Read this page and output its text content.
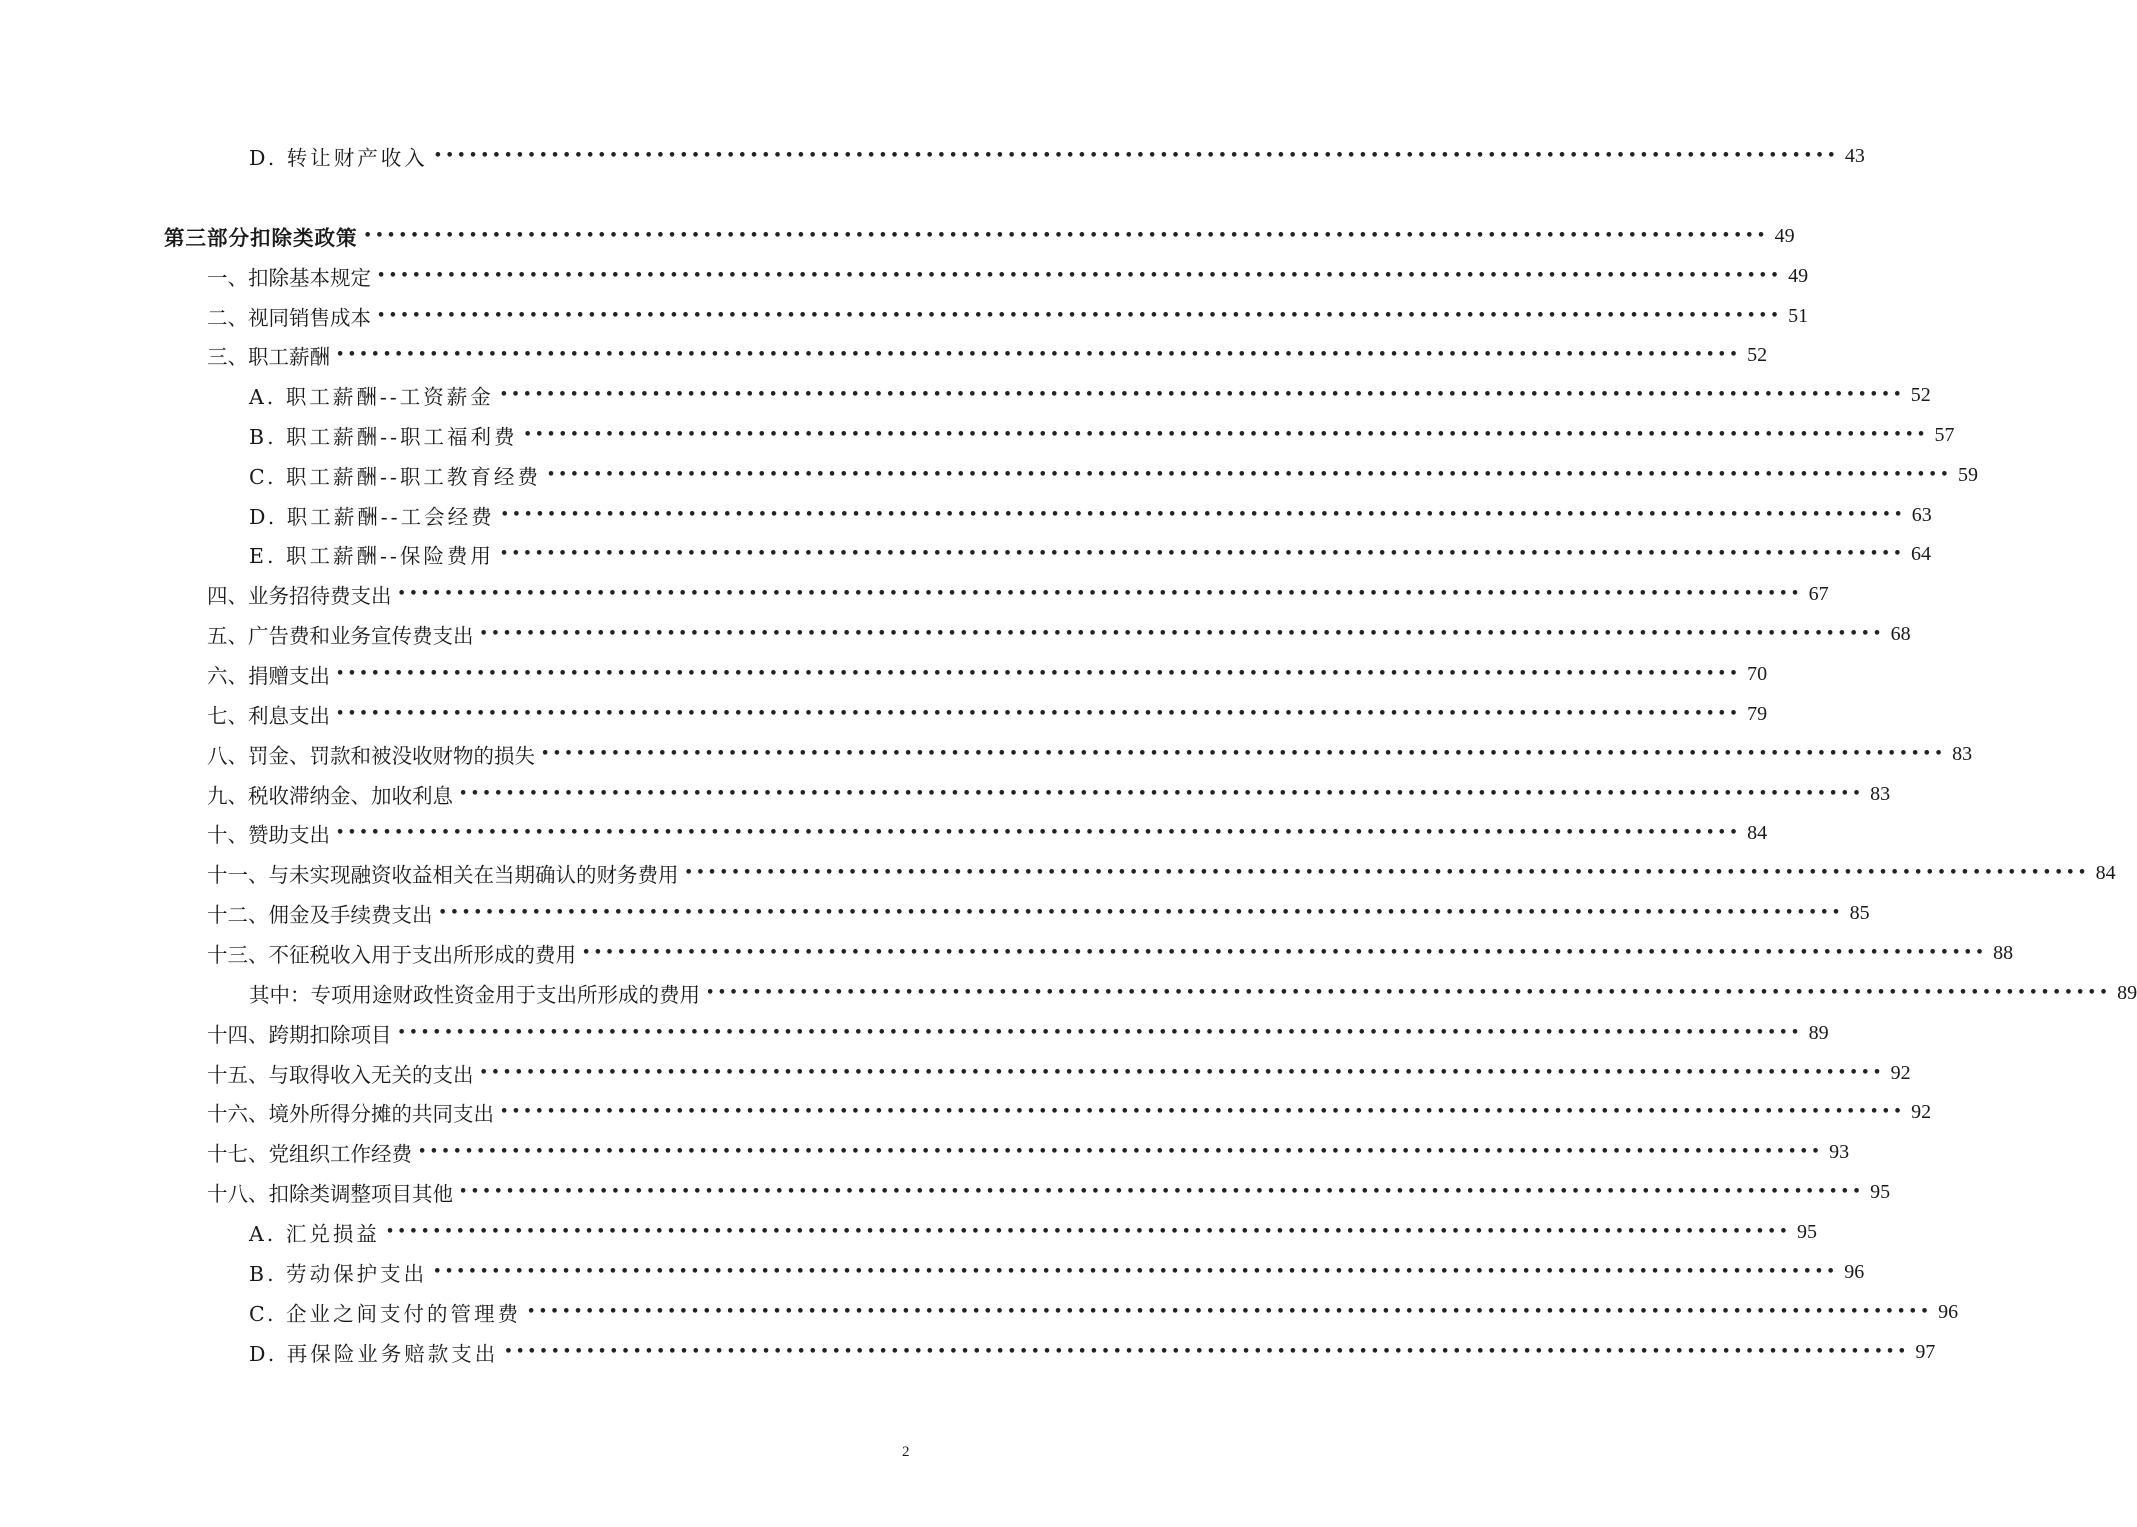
D. 转让财产收入 •••••••••••••••••••••••••••••••••••••••••••••••••••••••••••••••••••••••••••••••••••••••••••••••••••••••••••••••••••••••• 43
第三部分 扣除类政策 •••••••••••••••••••••••••••••••••••••••••••••••••••••••••••••••••••••••••••••••••••••••••••••••••••••••••••••••••••••••• 49
一、扣除基本规定 •••••••••••••••••••••••••••••••••••••••••••••••••••••••••••••••••••••••••••••••••••••••••••••••••••••••••••••••••••••••• 49
二、视同销售成本 •••••••••••••••••••••••••••••••••••••••••••••••••••••••••••••••••••••••••••••••••••••••••••••••••••••••••••••••••••••••• 51
三、职工薪酬 •••••••••••••••••••••••••••••••••••••••••••••••••••••••••••••••••••••••••••••••••••••••••••••••••••••••••••••••••••••••• 52
A. 职工薪酬--工资薪金 •••••••••••••••••••••••••••••••••••••••••••••••••••••••••••••••••••••••••••••••••••••••••••••••••••••••••••••••••••••••• 52
B. 职工薪酬--职工福利费 •••••••••••••••••••••••••••••••••••••••••••••••••••••••••••••••••••••••••••••••••••••••••••••••••••••••••••••••••••••••• 57
C. 职工薪酬--职工教育经费 •••••••••••••••••••••••••••••••••••••••••••••••••••••••••••••••••••••••••••••••••••••••••••••••••••••••••••••••••••••••• 59
D. 职工薪酬--工会经费 •••••••••••••••••••••••••••••••••••••••••••••••••••••••••••••••••••••••••••••••••••••••••••••••••••••••••••••••••••••••• 63
E. 职工薪酬--保险费用 •••••••••••••••••••••••••••••••••••••••••••••••••••••••••••••••••••••••••••••••••••••••••••••••••••••••••••••••••••••••• 64
四、业务招待费支出 •••••••••••••••••••••••••••••••••••••••••••••••••••••••••••••••••••••••••••••••••••••••••••••••••••••••••••••••••••••••• 67
五、广告费和业务宣传费支出 •••••••••••••••••••••••••••••••••••••••••••••••••••••••••••••••••••••••••••••••••••••••••••••••••••••••••••••••••••••••• 68
六、捐赠支出 •••••••••••••••••••••••••••••••••••••••••••••••••••••••••••••••••••••••••••••••••••••••••••••••••••••••••••••••••••••••• 70
七、利息支出 •••••••••••••••••••••••••••••••••••••••••••••••••••••••••••••••••••••••••••••••••••••••••••••••••••••••••••••••••••••••• 79
八、罚金、罚款和被没收财物的损失 •••••••••••••••••••••••••••••••••••••••••••••••••••••••••••••••••••••••••••••••••••••••••••••••••••••••••••••••••••••••• 83
九、税收滞纳金、加收利息 •••••••••••••••••••••••••••••••••••••••••••••••••••••••••••••••••••••••••••••••••••••••••••••••••••••••••••••••••••••••• 83
十、赞助支出 •••••••••••••••••••••••••••••••••••••••••••••••••••••••••••••••••••••••••••••••••••••••••••••••••••••••••••••••••••••••• 84
十一、与未实现融资收益相关在当期确认的财务费用 •••••••••••••••••••••••••••••••••••••••••••••••••••••••••••••••••••••••••••••••••••••••••••••••••••••••••••••••••••••••• 84
十二、佣金及手续费支出 •••••••••••••••••••••••••••••••••••••••••••••••••••••••••••••••••••••••••••••••••••••••••••••••••••••••••••••••••••••••• 85
十三、不征税收入用于支出所形成的费用 •••••••••••••••••••••••••••••••••••••••••••••••••••••••••••••••••••••••••••••••••••••••••••••••••••••••••••••••••••••••• 88
其中：专项用途财政性资金用于支出所形成的费用 •••••••••••••••••••••••••••••••••••••••••••••••••••••••••••••••••••••••••••••••••••••••••••••••••••••••••••••••••••••••• 89
十四、跨期扣除项目 •••••••••••••••••••••••••••••••••••••••••••••••••••••••••••••••••••••••••••••••••••••••••••••••••••••••••••••••••••••••• 89
十五、与取得收入无关的支出 •••••••••••••••••••••••••••••••••••••••••••••••••••••••••••••••••••••••••••••••••••••••••••••••••••••••••••••••••••••••• 92
十六、境外所得分摊的共同支出 •••••••••••••••••••••••••••••••••••••••••••••••••••••••••••••••••••••••••••••••••••••••••••••••••••••••••••••••••••••••• 92
十七、党组织工作经费 •••••••••••••••••••••••••••••••••••••••••••••••••••••••••••••••••••••••••••••••••••••••••••••••••••••••••••••••••••••••• 93
十八、扣除类调整项目其他 •••••••••••••••••••••••••••••••••••••••••••••••••••••••••••••••••••••••••••••••••••••••••••••••••••••••••••••••••••••••• 95
A. 汇兑损益 •••••••••••••••••••••••••••••••••••••••••••••••••••••••••••••••••••••••••••••••••••••••••••••••••••••••••••••••••••••••• 95
B. 劳动保护支出 •••••••••••••••••••••••••••••••••••••••••••••••••••••••••••••••••••••••••••••••••••••••••••••••••••••••••••••••••••••••• 96
C. 企业之间支付的管理费 •••••••••••••••••••••••••••••••••••••••••••••••••••••••••••••••••••••••••••••••••••••••••••••••••••••••••••••••••••••••• 96
D. 再保险业务赔款支出 •••••••••••••••••••••••••••••••••••••••••••••••••••••••••••••••••••••••••••••••••••••••••••••••••••••••••••••••••••••••• 97
2
